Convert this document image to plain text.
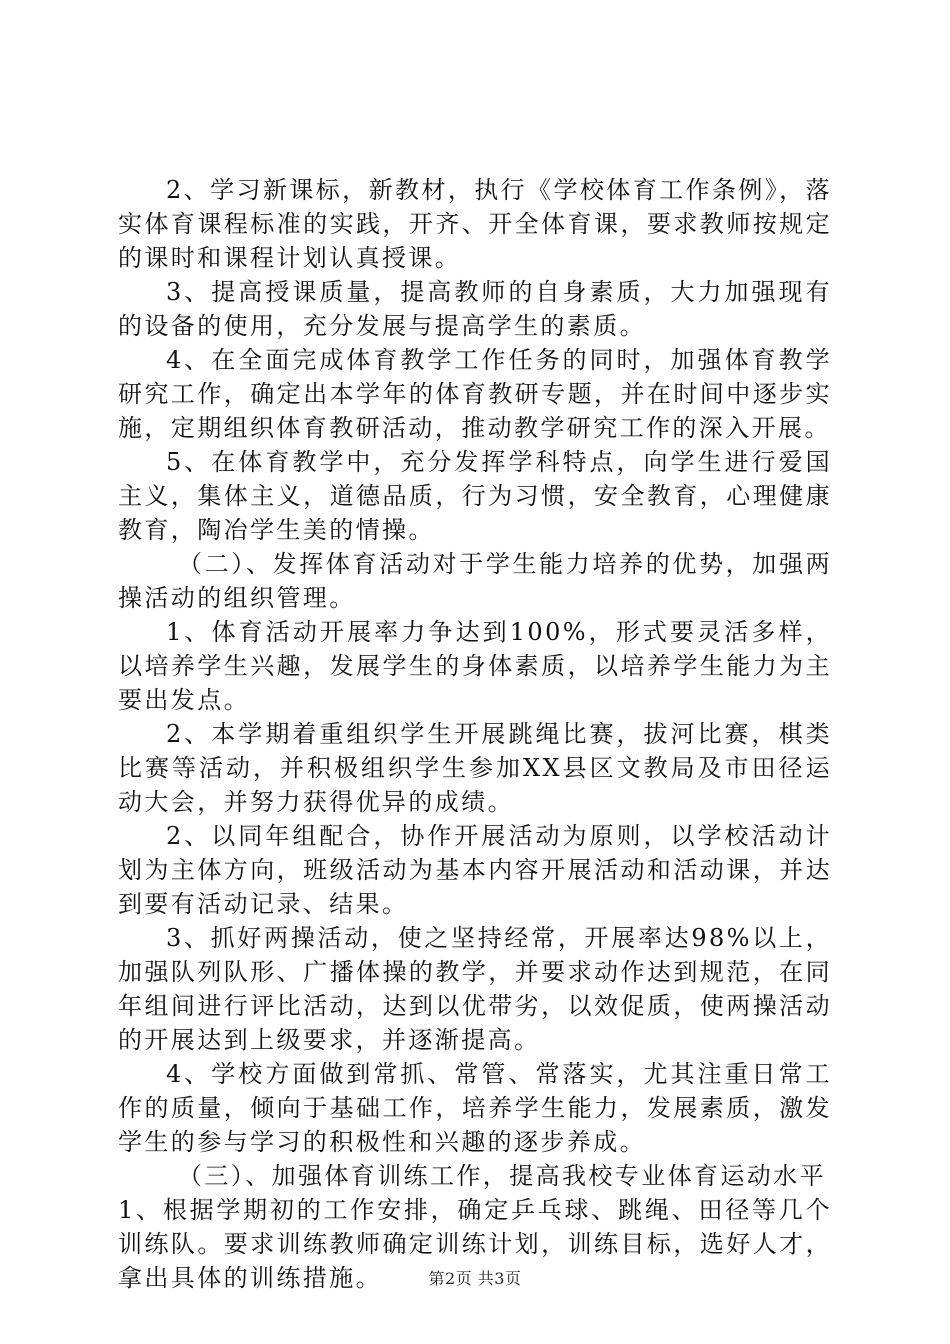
2、学习新课标，新教材，执行《学校体育工作条例》，落实体育课程标准的实践，开齐、开全体育课，要求教师按规定的课时和课程计划认真授课。

3、提高授课质量，提高教师的自身素质，大力加强现有的设备的使用，充分发展与提高学生的素质。

4、在全面完成体育教学工作任务的同时，加强体育教学研究工作，确定出本学年的体育教研专题，并在时间中逐步实施，定期组织体育教研活动，推动教学研究工作的深入开展。

5、在体育教学中，充分发挥学科特点，向学生进行爱国主义，集体主义，道德品质，行为习惯，安全教育，心理健康教育，陶冶学生美的情操。

（二）、发挥体育活动对于学生能力培养的优势，加强两操活动的组织管理。

1、体育活动开展率力争达到100%，形式要灵活多样，以培养学生兴趣，发展学生的身体素质，以培养学生能力为主要出发点。

2、本学期着重组织学生开展跳绳比赛，拔河比赛，棋类比赛等活动，并积极组织学生参加XX县区文教局及市田径运动大会，并努力获得优异的成绩。

2、以同年组配合，协作开展活动为原则，以学校活动计划为主体方向，班级活动为基本内容开展活动和活动课，并达到要有活动记录、结果。

3、抓好两操活动，使之坚持经常，开展率达98%以上，加强队列队形、广播体操的教学，并要求动作达到规范，在同年组间进行评比活动，达到以优带劣，以效促质，使两操活动的开展达到上级要求，并逐渐提高。

4、学校方面做到常抓、常管、常落实，尤其注重日常工作的质量，倾向于基础工作，培养学生能力，发展素质，激发学生的参与学习的积极性和兴趣的逐步养成。

（三）、加强体育训练工作，提高我校专业体育运动水平

1、根据学期初的工作安排，确定乒乓球、跳绳、田径等几个训练队。要求训练教师确定训练计划，训练目标，选好人才，拿出具体的训练措施。	第2页 共3页
